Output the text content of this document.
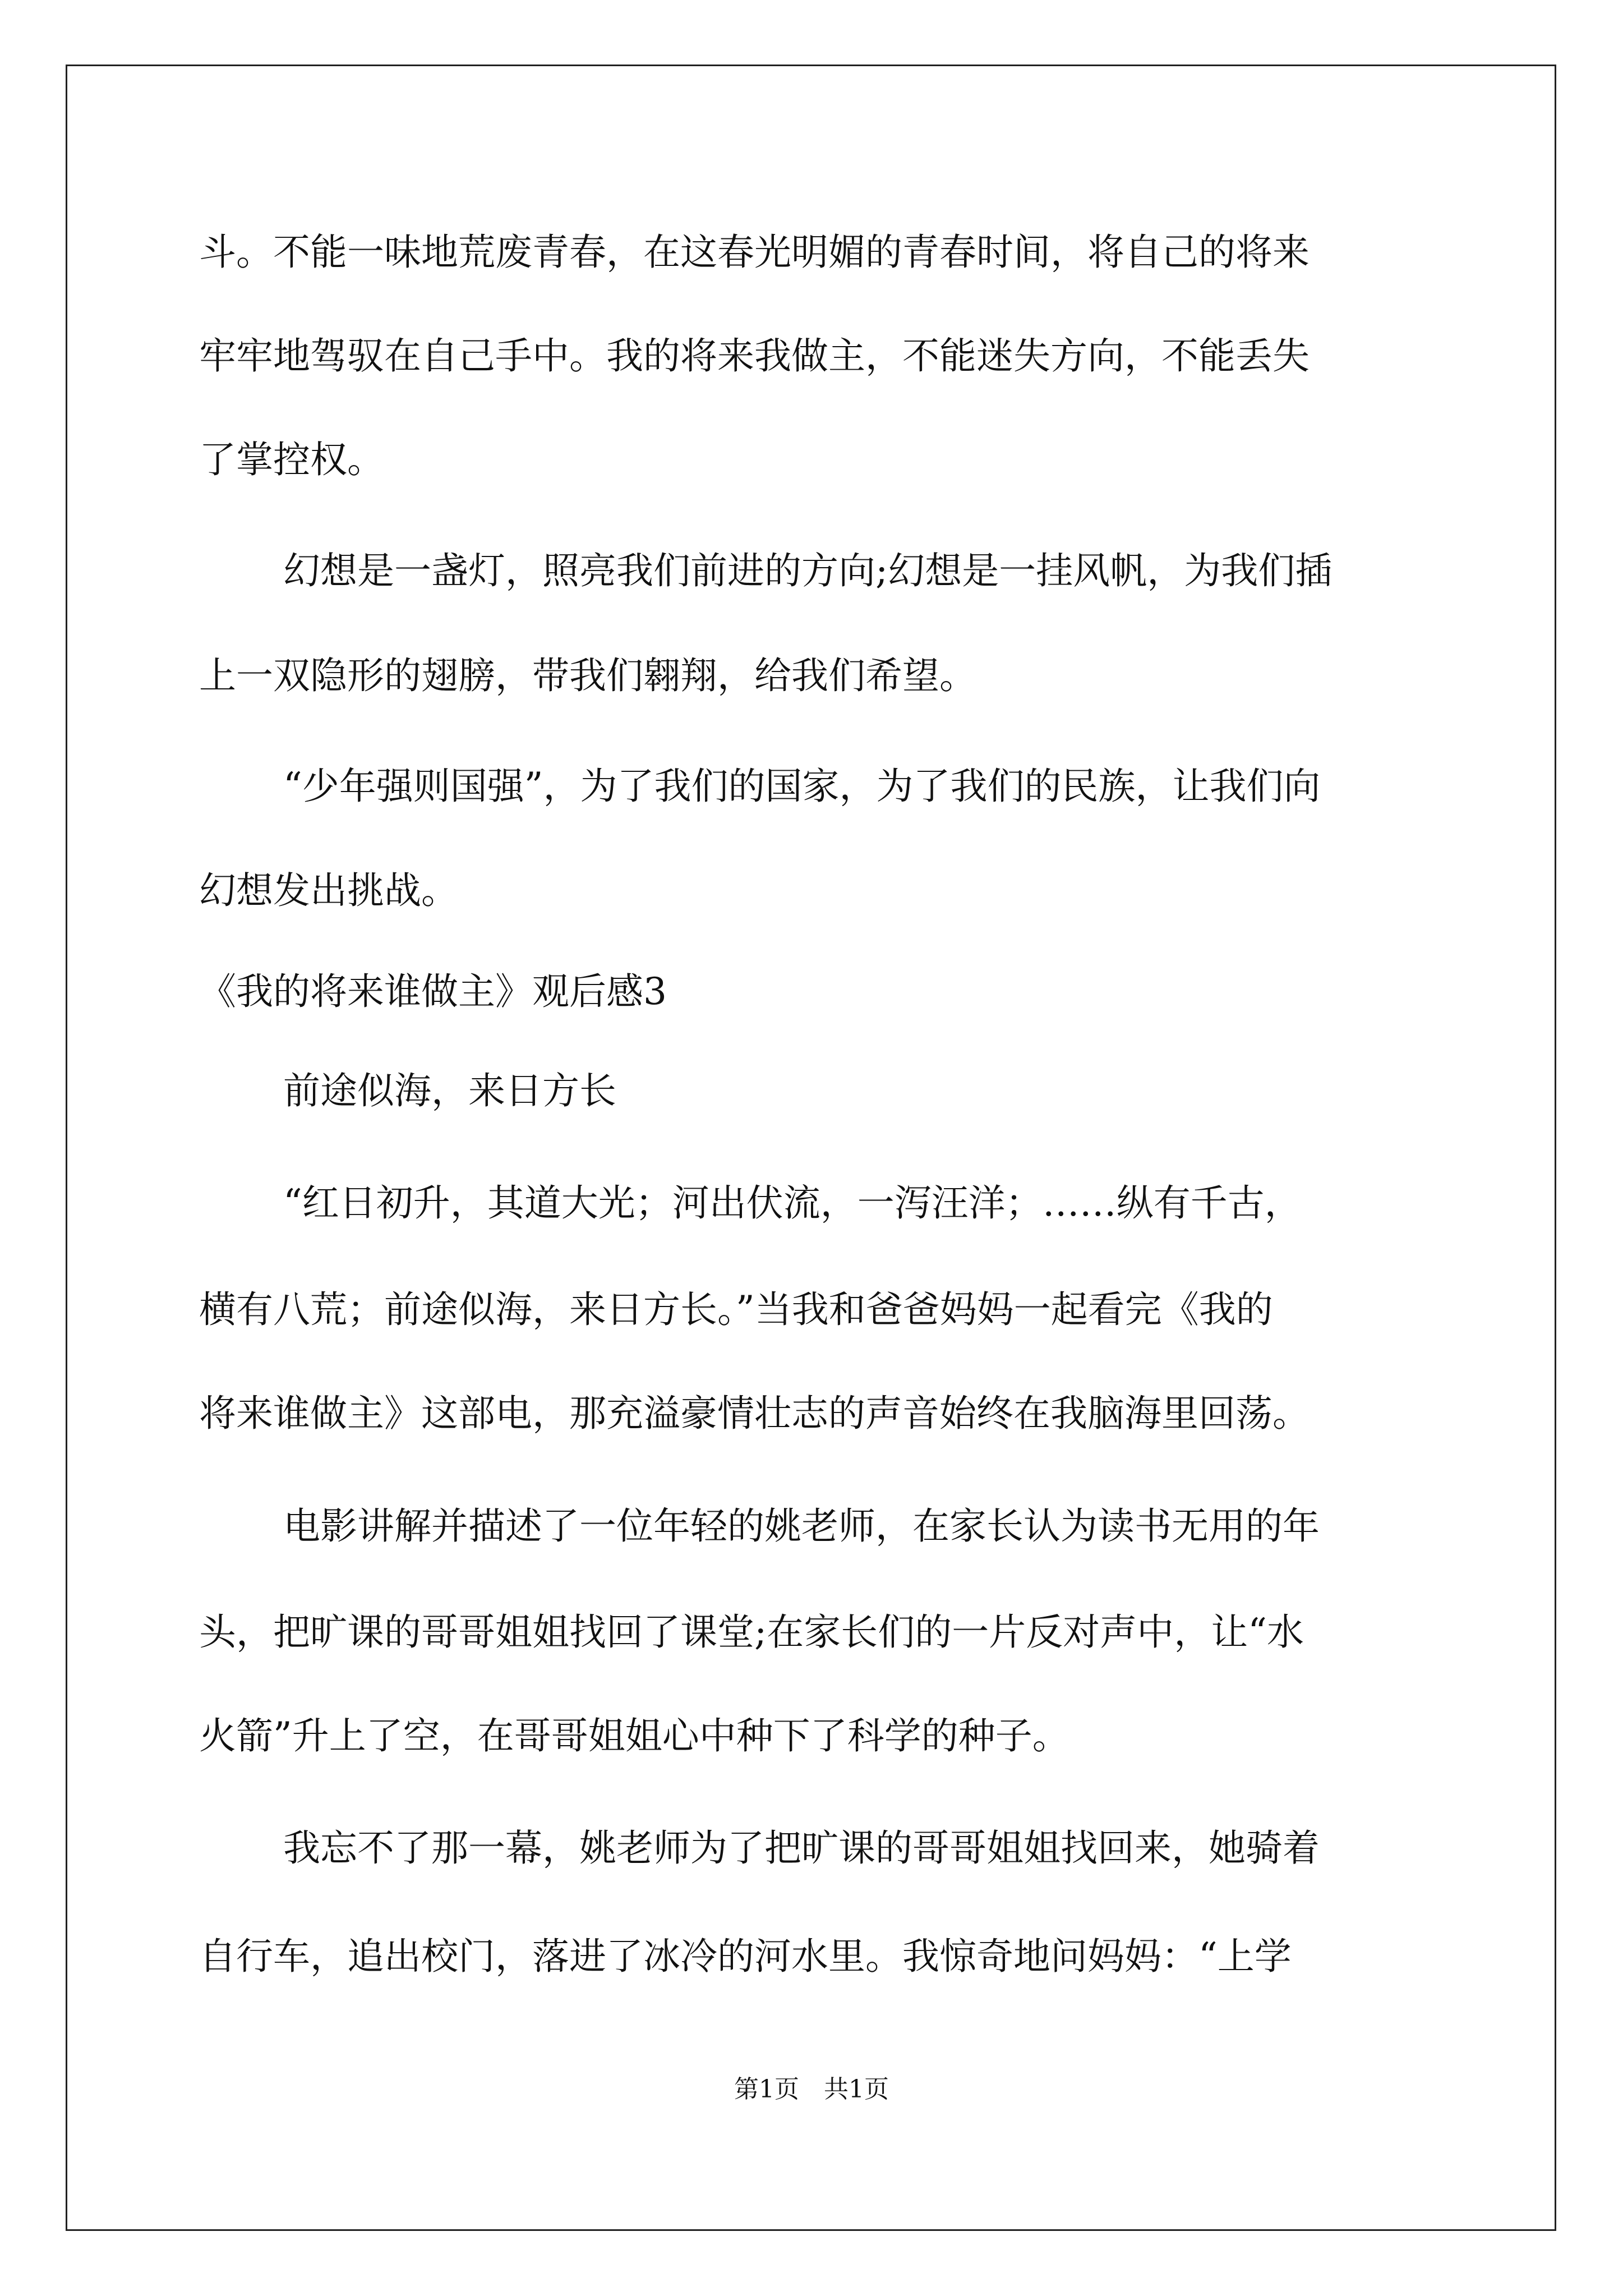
斗。不能一味地荒废青春，在这春光明媚的青春时间，将自己的将来
牢牢地驾驭在自己手中。我的将来我做主，不能迷失方向，不能丢失
了掌控权。
幻想是一盏灯，照亮我们前进的方向;幻想是一挂风帆，为我们插
上一双隐形的翅膀，带我们翱翔，给我们希望。
“少年强则国强”，为了我们的国家，为了我们的民族，让我们向
幻想发出挑战。
《我的将来谁做主》观后感3
前途似海，来日方长
“红日初升，其道大光；河出伏流，一泻汪洋；……纵有千古，
横有八荒；前途似海，来日方长。”当我和爸爸妈妈一起看完《我的
将来谁做主》这部电，那充溢豪情壮志的声音始终在我脑海里回荡。
电影讲解并描述了一位年轻的姚老师，在家长认为读书无用的年
头，把旷课的哥哥姐姐找回了课堂;在家长们的一片反对声中，让“水
火箭”升上了空，在哥哥姐姐心中种下了科学的种子。
我忘不了那一幕，姚老师为了把旷课的哥哥姐姐找回来，她骑着
自行车，追出校门，落进了冰冷的河水里。我惊奇地问妈妈：“上学
第1页　共1页
